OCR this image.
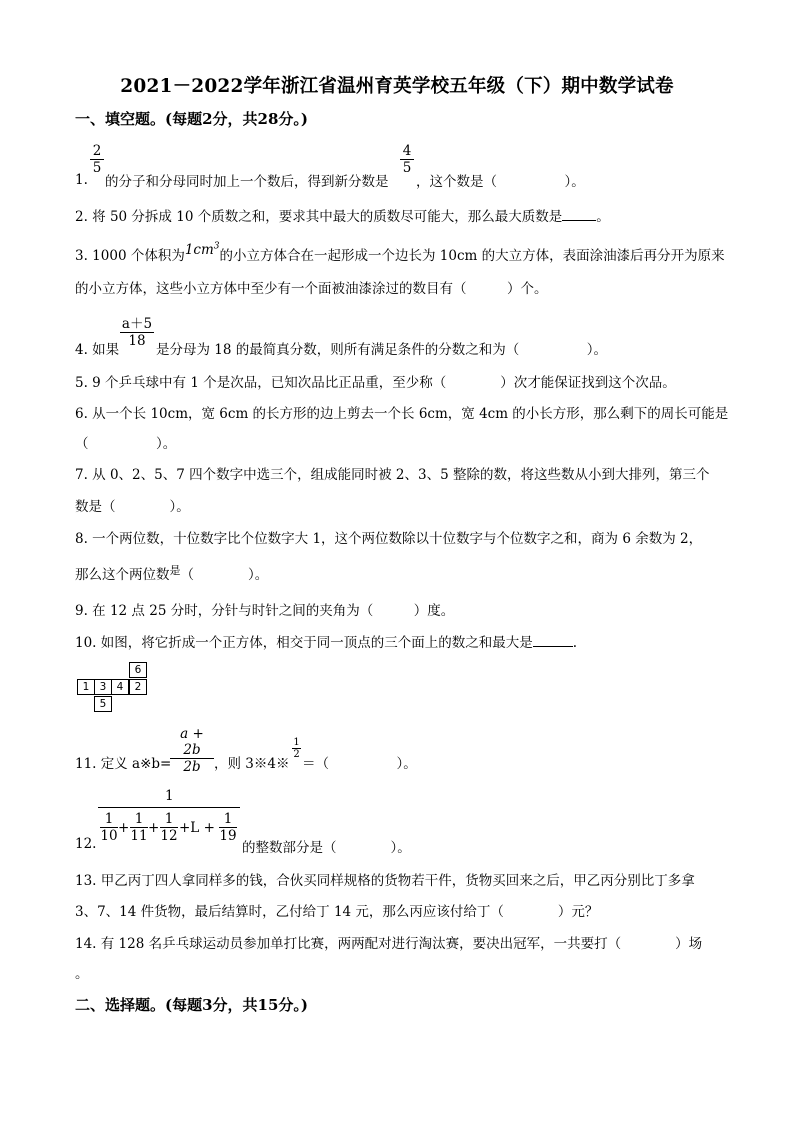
2021－2022学年浙江省温州育英学校五年级（下）期中数学试卷
一、填空题。(每题2分，共28分。)
1.
2
5
的分子和分母同时加上一个数后，得到新分数是
4
5
，这个数是（　　　　　）。
2. 将 50 分拆成 10 个质数之和，要求其中最大的质数尽可能大，那么最大质数是	。
3. 1000 个体积为$1cm^3$的小立方体合在一起形成一个边长为 10cm 的大立方体，表面涂油漆后再分开为原来
的小立方体，这些小立方体中至少有一个面被油漆涂过的数目有（　　　）个。
4. 如果
a＋5
18
是分母为 18 的最简真分数，则所有满足条件的分数之和为（　　　　　）。
5. 9 个乒乓球中有 1 个是次品，已知次品比正品重，至少称（　　　　）次才能保证找到这个次品。
6. 从一个长 10cm，宽 6cm 的长方形的边上剪去一个长 6cm，宽 4cm 的小长方形，那么剩下的周长可能是
（　　　　　）。
7. 从 0、2、5、7 四个数字中选三个，组成能同时被 2、3、5 整除的数，将这些数从小到大排列，第三个
数是（　　　　）。
8. 一个两位数，十位数字比个位数字大 1，这个两位数除以十位数字与个位数字之和，商为 6 余数为 2，
那么这个两位数$^是$（　　　　）。
9. 在 12 点 25 分时，分针与时针之间的夹角为（　　　）度。
10. 如图，将它折成一个正方体，相交于同一顶点的三个面上的数之和最大是	.
6
1 3 4	2
5
11. 定义 a※b=
a + 2b
2b ，则 3※4※
1
2
＝（　　　　　）。
12.
1
1
10 +
1
11 +
1
12 +L +
1
19
的整数部分是（　　　　）。
13. 甲乙丙丁四人拿同样多的钱，合伙买同样规格的货物若干件，货物买回来之后，甲乙丙分别比丁多拿
3、7、14 件货物，最后结算时，乙付给丁 14 元，那么丙应该付给丁（　　　　）元？
14. 有 128 名乒乓球运动员参加单打比赛，两两配对进行淘汰赛，要决出冠军，一共要打（　　　　）场
。
二、选择题。(每题3分，共15分。)
